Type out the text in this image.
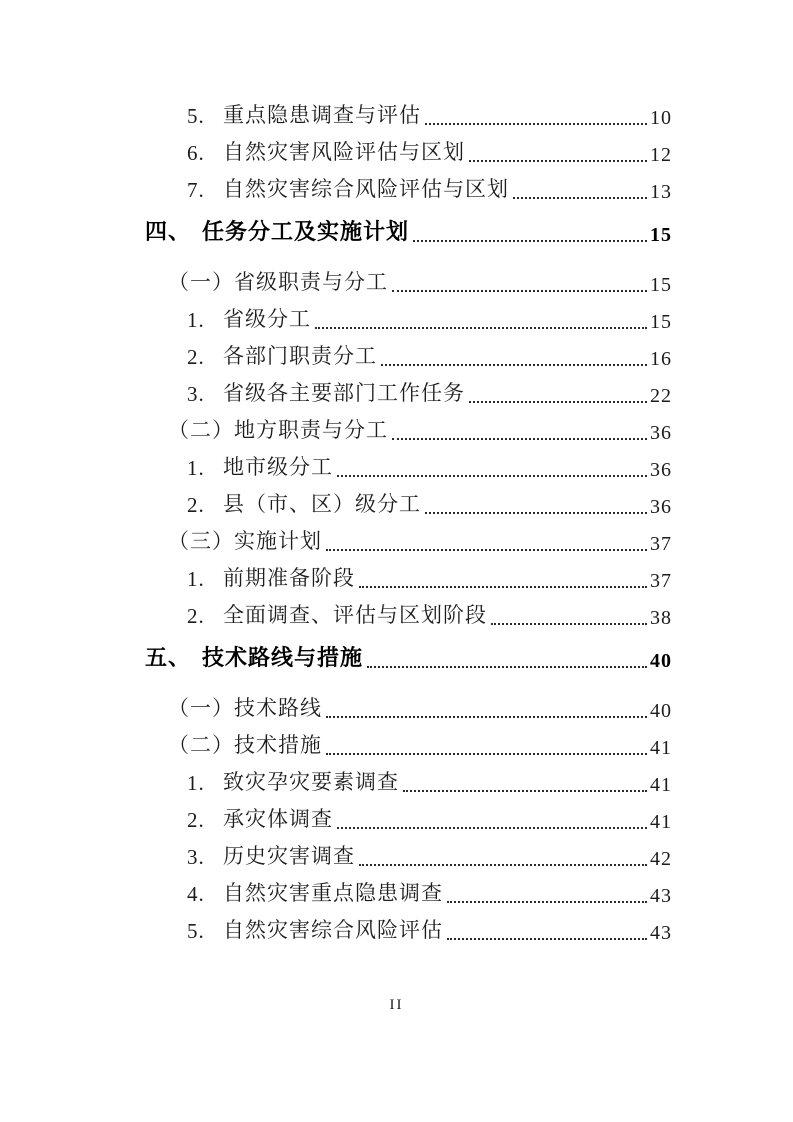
5. 重点隐患调查与评估	10
6. 自然灾害风险评估与区划	12
7. 自然灾害综合风险评估与区划	13
四、 任务分工及实施计划	15
（一） 省级职责与分工	15
1. 省级分工	15
2. 各部门职责分工	16
3. 省级各主要部门工作任务	22
（二） 地方职责与分工	36
1. 地市级分工	36
2. 县（市、区）级分工	36
（三） 实施计划	37
1. 前期准备阶段	37
2. 全面调查、评估与区划阶段	38
五、 技术路线与措施	40
（一） 技术路线	40
（二） 技术措施	41
1. 致灾孕灾要素调查	41
2. 承灾体调查	41
3. 历史灾害调查	42
4. 自然灾害重点隐患调查	43
5. 自然灾害综合风险评估	43
II
